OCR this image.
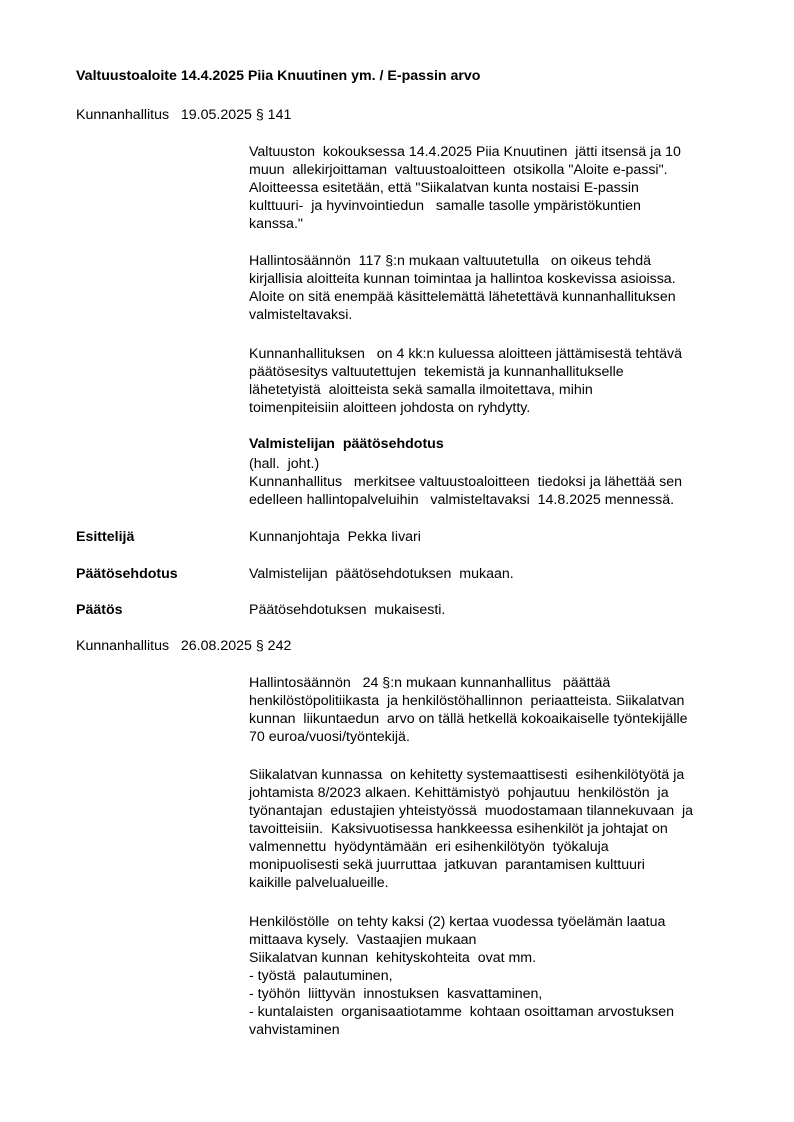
Valtuustoaloite 14.4.2025 Piia Knuutinen ym. / E-passin arvo
Kunnanhallitus   19.05.2025 § 141
Valtuuston  kokouksessa 14.4.2025 Piia Knuutinen  jätti itsensä ja 10
muun  allekirjoittaman  valtuustoaloitteen  otsikolla "Aloite e-passi".
Aloitteessa esitetään, että "Siikalatvan kunta nostaisi E-passin
kulttuuri-  ja hyvinvointiedun   samalle tasolle ympäristökuntien
kanssa."
Hallintosäännön  117 §:n mukaan valtuutetulla   on oikeus tehdä
kirjallisia aloitteita kunnan toimintaa ja hallintoa koskevissa asioissa.
Aloite on sitä enempää käsittelemättä lähetettävä kunnanhallituksen
valmisteltavaksi.
Kunnanhallituksen   on 4 kk:n kuluessa aloitteen jättämisestä tehtävä
päätösesitys valtuutettujen  tekemistä ja kunnanhallitukselle
lähetetyistä  aloitteista sekä samalla ilmoitettava, mihin
toimenpiteisiin aloitteen johdosta on ryhdytty.
Valmistelijan  päätösehdotus
(hall.  joht.)
Kunnanhallitus   merkitsee valtuustoaloitteen  tiedoksi ja lähettää sen
edelleen hallintopalveluihin   valmisteltavaksi  14.8.2025 mennessä.
Esittelijä	Kunnanjohtaja  Pekka Iivari
Päätösehdotus	Valmistelijan  päätösehdotuksen  mukaan.
Päätös	Päätösehdotuksen  mukaisesti.
Kunnanhallitus   26.08.2025 § 242
Hallintosäännön   24 §:n mukaan kunnanhallitus   päättää
henkilöstöpolitiikasta  ja henkilöstöhallinnon  periaatteista. Siikalatvan
kunnan  liikuntaedun  arvo on tällä hetkellä kokoaikaiselle työntekijälle
70 euroa/vuosi/työntekijä.
Siikalatvan kunnassa  on kehitetty systemaattisesti  esihenkilötyötä ja
johtamista 8/2023 alkaen. Kehittämistyö  pohjautuu  henkilöstön  ja
työnantajan  edustajien yhteistyössä  muodostamaan tilannekuvaan  ja
tavoitteisiin.  Kaksivuotisessa hankkeessa esihenkilöt ja johtajat on
valmennettu  hyödyntämään  eri esihenkilötyön  työkaluja
monipuolisesti sekä juurruttaa  jatkuvan  parantamisen kulttuuri
kaikille palvelualueille.
Henkilöstölle  on tehty kaksi (2) kertaa vuodessa työelämän laatua
mittaava kysely.  Vastaajien mukaan
Siikalatvan kunnan  kehityskohteita  ovat mm.
- työstä  palautuminen,
- työhön  liittyvän  innostuksen  kasvattaminen,
- kuntalaisten  organisaatiotamme  kohtaan osoittaman arvostuksen
vahvistaminen
